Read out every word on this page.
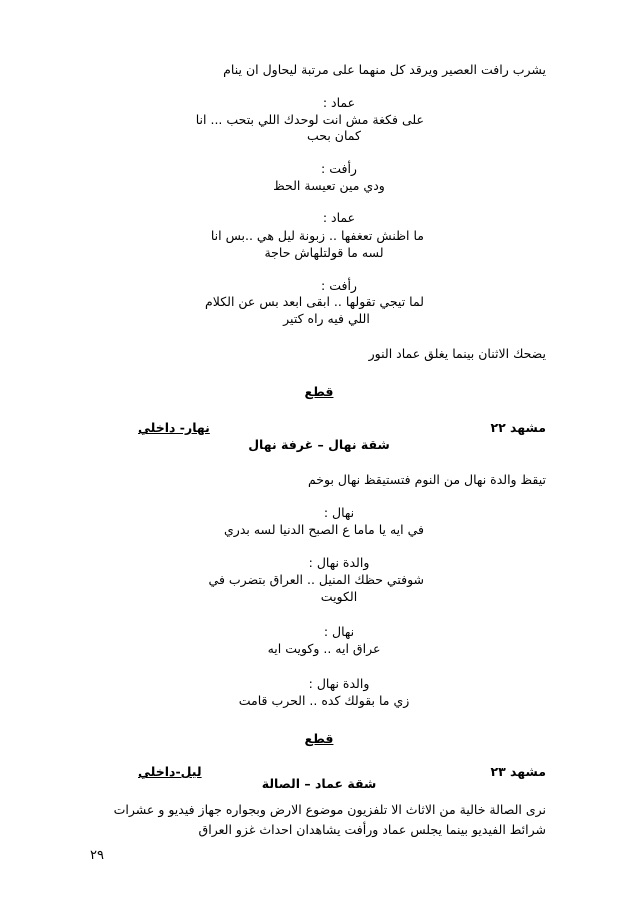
يشرب رافت العصير ويرقد كل منهما على مرتبة ليحاول ان ينام
عماد :
على فكغة مش انت لوحدك اللي بتحب ... انا
كمان بحب
رأفت :
ودي مين تعيسة الحظ
عماد :
ما اظنش تعغفها .. زبونة ليل هي ..بس انا
لسه ما قولتلهاش حاجة
رأفت :
لما تيجي تقولها .. ابقى ابعد بس عن الكلام
اللي فيه راه كتير
يضحك الاثنان بينما يغلق عماد النور
قطع
مشهد ٢٢
نهار- داخلي
شقة نهال – غرفة نهال
تيقظ والدة نهال من النوم فتستيقظ نهال بوخم
نهال :
في ايه يا ماما ع الصبح الدنيا لسه بدري
والدة نهال :
شوفتي حظك المنيل .. العراق بتضرب في
الكويت
نهال :
عراق ايه .. وكويت ايه
والدة نهال :
زي ما بقولك كده .. الحرب قامت
قطع
مشهد ٢٣
ليل-داخلي
شقة عماد – الصالة
نرى الصالة خالية من الاثاث الا تلفزيون موضوع الارض وبجواره جهاز فيديو و عشرات
شرائط الفيديو بينما يجلس عماد ورأفت يشاهدان احداث غزو العراق
٢٩
